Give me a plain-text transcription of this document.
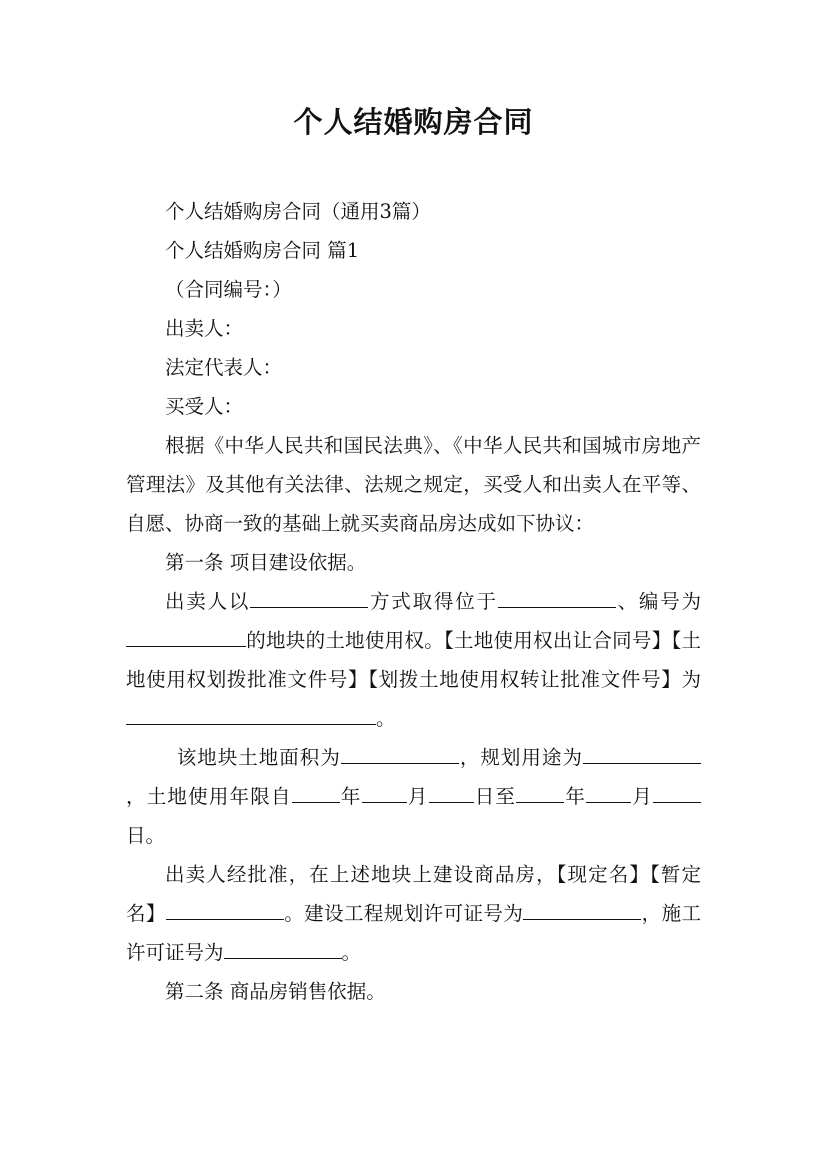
个人结婚购房合同

个人结婚购房合同（通用3篇）

个人结婚购房合同 篇1

（合同编号：）

出卖人：

法定代表人：

买受人：

根据《中华人民共和国民法典》、《中华人民共和国城市房地产管理法》及其他有关法律、法规之规定，买受人和出卖人在平等、自愿、协商一致的基础上就买卖商品房达成如下协议：

第一条 项目建设依据。

出卖人以	方式取得位于	、编号为的地块的土地使用权。【土地使用权出让合同号】【土地使用权划拨批准文件号】【划拨土地使用权转让批准文件号】为。

该地块土地面积为	，规划用途为，土地使用年限自 年 月 日至 年 月日。

出卖人经批准，在上述地块上建设商品房，【现定名】【暂定名】	。建设工程规划许可证号为	，施工许可证号为	。

第二条 商品房销售依据。
